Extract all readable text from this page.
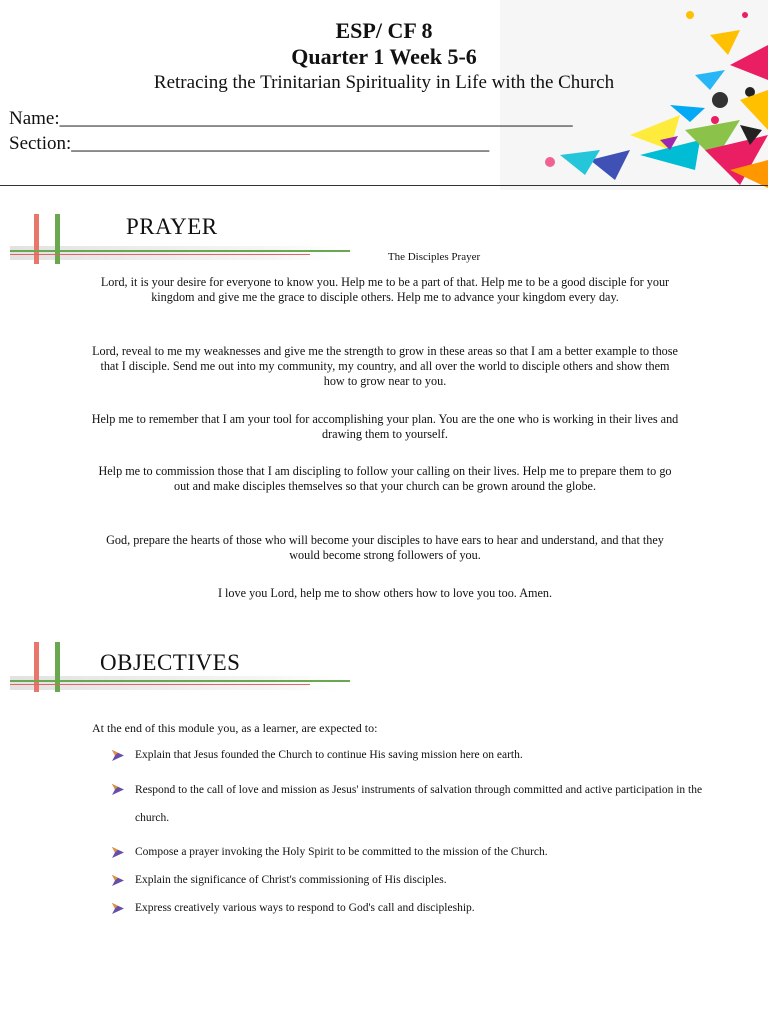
ESP/ CF 8
Quarter 1 Week 5-6
Retracing the Trinitarian Spirituality in Life with the Church
Name:______________________________________________________
Section:____________________________________________
PRAYER
The Disciples Prayer
Lord, it is your desire for everyone to know you. Help me to be a part of that. Help me to be a good disciple for your kingdom and give me the grace to disciple others. Help me to advance your kingdom every day.
Lord, reveal to me my weaknesses and give me the strength to grow in these areas so that I am a better example to those that I disciple. Send me out into my community, my country, and all over the world to disciple others and show them how to grow near to you.
Help me to remember that I am your tool for accomplishing your plan. You are the one who is working in their lives and drawing them to yourself.
Help me to commission those that I am discipling to follow your calling on their lives. Help me to prepare them to go out and make disciples themselves so that your church can be grown around the globe.
God, prepare the hearts of those who will become your disciples to have ears to hear and understand, and that they would become strong followers of you.
I love you Lord, help me to show others how to love you too. Amen.
OBJECTIVES
At the end of this module you, as a learner, are expected to:
Explain that Jesus founded the Church to continue His saving mission here on earth.
Respond to the call of love and mission as Jesus' instruments of salvation through committed and active participation in the church.
Compose a prayer invoking the Holy Spirit to be committed to the mission of the Church.
Explain the significance of Christ's commissioning of His disciples.
Express creatively various ways to respond to God's call and discipleship.
